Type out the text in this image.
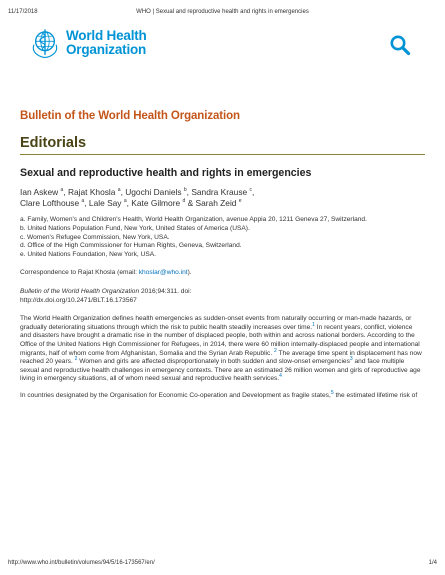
11/17/2018	WHO | Sexual and reproductive health and rights in emergencies
World Health
Organization
Bulletin of the World Health Organization
Editorials
Sexual and reproductive health and rights in emergencies
Ian Askew $^a$, Rajat Khosla $^a$, Ugochi Daniels $^b$, Sandra Krause $^c$,
Clare Lofthouse $^a$, Lale Say $^a$, Kate Gilmore $^d$ & Sarah Zeid $^e$
a. Family, Women's and Children's Health, World Health Organization, avenue Appia 20, 1211 Geneva 27, Switzerland.
b. United Nations Population Fund, New York, United States of America (USA).
c. Women's Refugee Commission, New York, USA.
d. Office of the High Commissioner for Human Rights, Geneva, Switzerland.
e. United Nations Foundation, New York, USA.
Correspondence to Rajat Khosla (email: khoslar@who.int).
Bulletin of the World Health Organization 2016;94:311. doi:
http://dx.doi.org/10.2471/BLT.16.173567
The World Health Organization defines health emergencies as sudden-onset events from naturally occurring or man-made hazards, or gradually deteriorating situations through which the risk to public health steadily increases over time.$^1$ In recent years, conflict, violence and disasters have brought a dramatic rise in the number of displaced people, both within and across national borders. According to the Office of the United Nations High Commissioner for Refugees, in 2014, there were 60 million internally-displaced people and international migrants, half of whom come from Afghanistan, Somalia and the Syrian Arab Republic. $^2$ The average time spent in displacement has now reached 20 years. $^2$ Women and girls are affected disproportionately in both sudden and slow-onset emergencies$^3$ and face multiple sexual and reproductive health challenges in emergency contexts. There are an estimated 26 million women and girls of reproductive age living in emergency situations, all of whom need sexual and reproductive health services.$^4$
In countries designated by the Organisation for Economic Co-operation and Development as fragile states,$^5$ the estimated lifetime risk of
http://www.who.int/bulletin/volumes/94/5/16-173567/en/	1/4
